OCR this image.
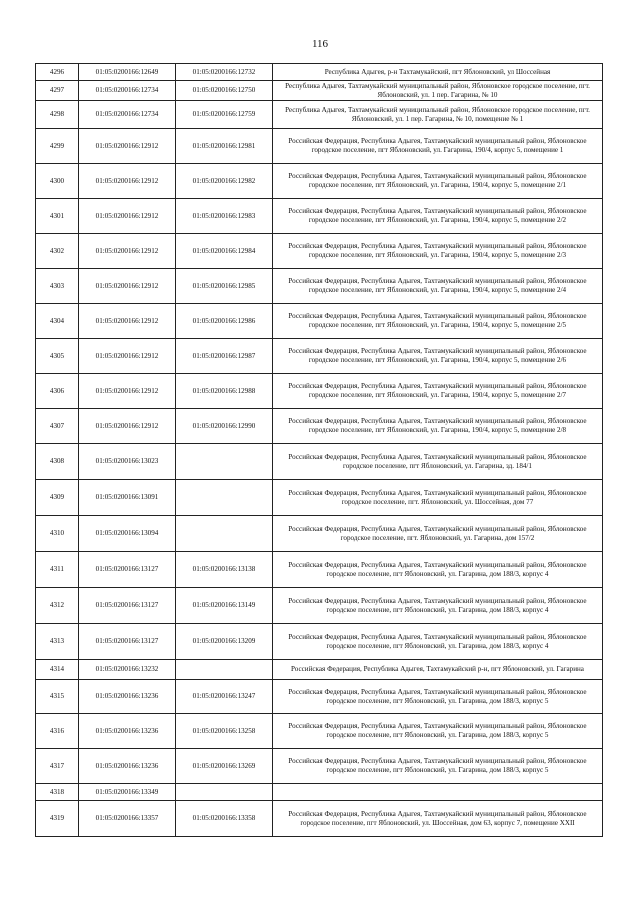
116
4296	01:05:0200166:12649	01:05:0200166:12732	Республика Адыгея, р-н Тахтамукайский, пгт Яблоновский, ул Шоссейная
4297	01:05:0200166:12734	01:05:0200166:12750	Республика Адыгея, Тахтамукайский муниципальный район, Яблоновское городское поселение, пгт. Яблоновский, ул. 1 пер. Гагарина, № 10
4298	01:05:0200166:12734	01:05:0200166:12759	Республика Адыгея, Тахтамукайский муниципальный район, Яблоновское городское поселение, пгт. Яблоновский, ул. 1 пер. Гагарина, № 10, помещение № 1
4299	01:05:0200166:12912	01:05:0200166:12981	Российская Федерация, Республика Адыгея, Тахтамукайский муниципальный район, Яблоновское городское поселение, пгт Яблоновский, ул. Гагарина, 190/4, корпус 5, помещение 1
4300	01:05:0200166:12912	01:05:0200166:12982	Российская Федерация, Республика Адыгея, Тахтамукайский муниципальный район, Яблоновское городское поселение, пгт Яблоновский, ул. Гагарина, 190/4, корпус 5, помещение 2/1
4301	01:05:0200166:12912	01:05:0200166:12983	Российская Федерация, Республика Адыгея, Тахтамукайский муниципальный район, Яблоновское городское поселение, пгт Яблоновский, ул. Гагарина, 190/4, корпус 5, помещение 2/2
4302	01:05:0200166:12912	01:05:0200166:12984	Российская Федерация, Республика Адыгея, Тахтамукайский муниципальный район, Яблоновское городское поселение, пгт Яблоновский, ул. Гагарина, 190/4, корпус 5, помещение 2/3
4303	01:05:0200166:12912	01:05:0200166:12985	Российская Федерация, Республика Адыгея, Тахтамукайский муниципальный район, Яблоновское городское поселение, пгт Яблоновский, ул. Гагарина, 190/4, корпус 5, помещение 2/4
4304	01:05:0200166:12912	01:05:0200166:12986	Российская Федерация, Республика Адыгея, Тахтамукайский муниципальный район, Яблоновское городское поселение, пгт Яблоновский, ул. Гагарина, 190/4, корпус 5, помещение 2/5
4305	01:05:0200166:12912	01:05:0200166:12987	Российская Федерация, Республика Адыгея, Тахтамукайский муниципальный район, Яблоновское городское поселение, пгт Яблоновский, ул. Гагарина, 190/4, корпус 5, помещение 2/6
4306	01:05:0200166:12912	01:05:0200166:12988	Российская Федерация, Республика Адыгея, Тахтамукайский муниципальный район, Яблоновское городское поселение, пгт Яблоновский, ул. Гагарина, 190/4, корпус 5, помещение 2/7
4307	01:05:0200166:12912	01:05:0200166:12990	Российская Федерация, Республика Адыгея, Тахтамукайский муниципальный район, Яблоновское городское поселение, пгт Яблоновский, ул. Гагарина, 190/4, корпус 5, помещение 2/8
4308	01:05:0200166:13023		Российская Федерация, Республика Адыгея, Тахтамукайский муниципальный район, Яблоновское городское поселение, пгт Яблоновский, ул. Гагарина, зд. 184/1
4309	01:05:0200166:13091		Российская Федерация, Республика Адыгея, Тахтамукайский муниципальный район, Яблоновское городское поселение, пгт. Яблоновский, ул. Шоссейная, дом 77
4310	01:05:0200166:13094		Российская Федерация, Республика Адыгея, Тахтамукайский муниципальный район, Яблоновское городское поселение, пгт. Яблоновский, ул. Гагарина, дом 157/2
4311	01:05:0200166:13127	01:05:0200166:13138	Российская Федерация, Республика Адыгея, Тахтамукайский муниципальный район, Яблоновское городское поселение, пгт Яблоновский, ул. Гагарина, дом 188/3, корпус 4
4312	01:05:0200166:13127	01:05:0200166:13149	Российская Федерация, Республика Адыгея, Тахтамукайский муниципальный район, Яблоновское городское поселение, пгт Яблоновский, ул. Гагарина, дом 188/3, корпус 4
4313	01:05:0200166:13127	01:05:0200166:13209	Российская Федерация, Республика Адыгея, Тахтамукайский муниципальный район, Яблоновское городское поселение, пгт Яблоновский, ул. Гагарина, дом 188/3, корпус 4
4314	01:05:0200166:13232		Российская Федерация, Республика Адыгея, Тахтамукайский р-н, пгт Яблоновский, ул. Гагарина
4315	01:05:0200166:13236	01:05:0200166:13247	Российская Федерация, Республика Адыгея, Тахтамукайский муниципальный район, Яблоновское городское поселение, пгт Яблоновский, ул. Гагарина, дом 188/3, корпус 5
4316	01:05:0200166:13236	01:05:0200166:13258	Российская Федерация, Республика Адыгея, Тахтамукайский муниципальный район, Яблоновское городское поселение, пгт Яблоновский, ул. Гагарина, дом 188/3, корпус 5
4317	01:05:0200166:13236	01:05:0200166:13269	Российская Федерация, Республика Адыгея, Тахтамукайский муниципальный район, Яблоновское городское поселение, пгт Яблоновский, ул. Гагарина, дом 188/3, корпус 5
4318	01:05:0200166:13349		
4319	01:05:0200166:13357	01:05:0200166:13358	Российская Федерация, Республика Адыгея, Тахтамукайский муниципальный район, Яблоновское городское поселение, пгт Яблоновский, ул. Шоссейная, дом 63, корпус 7, помещение XXII
